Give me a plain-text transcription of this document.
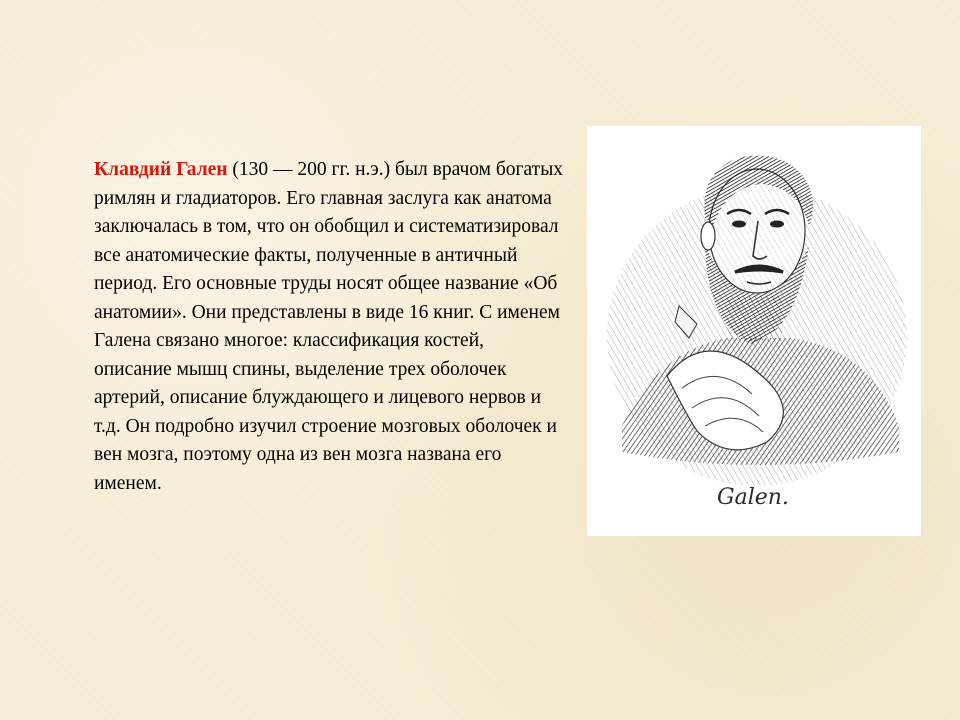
Клавдий Гален (130 — 200 гг. н.э.) был врачом богатых римлян и гладиаторов. Его главная заслуга как анатома заключалась в том, что он обобщил и систематизировал все анатомические факты, полученные в античный период. Его основные труды носят общее название «Об анатомии». Они представлены в виде 16 книг. С именем Галена связано многое: классификация костей, описание мышц спины, выделение трех оболочек артерий, описание блуждающего и лицевого нервов и т.д. Он подробно изучил строение мозговых оболочек и вен мозга, поэтому одна из вен мозга названа его именем.

Galen.
